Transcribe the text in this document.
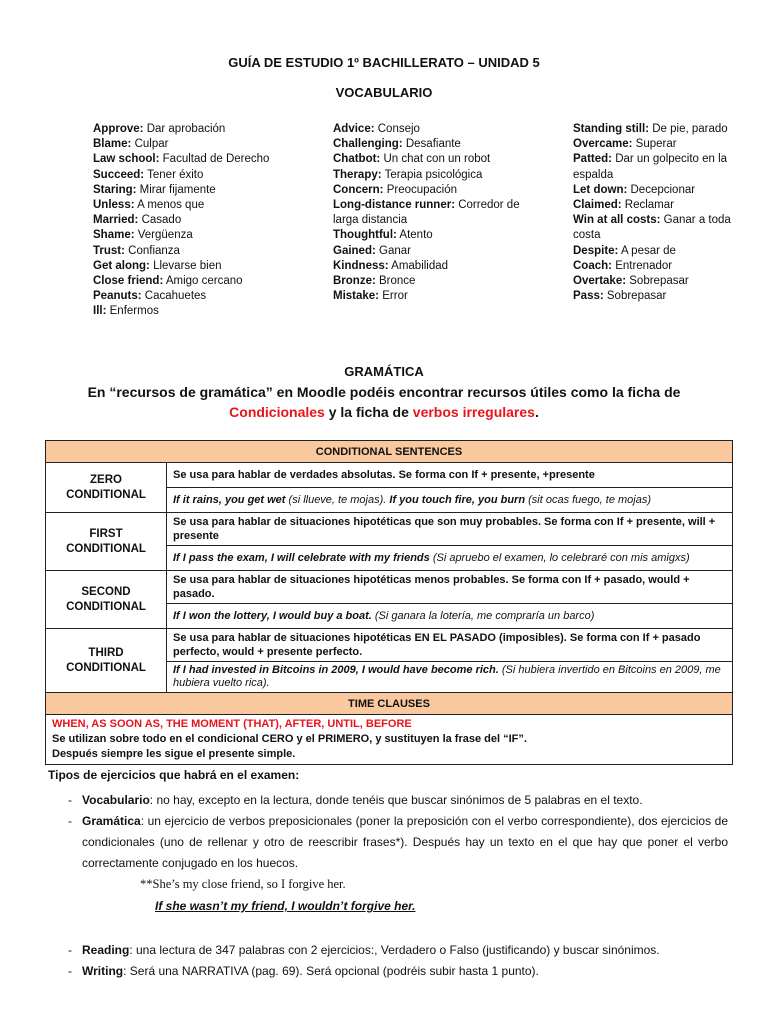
GUÍA DE ESTUDIO 1º BACHILLERATO – UNIDAD 5
VOCABULARIO
Approve: Dar aprobación
Blame: Culpar
Law school: Facultad de Derecho
Succeed: Tener éxito
Staring: Mirar fijamente
Unless: A menos que
Married: Casado
Shame: Vergüenza
Trust: Confianza
Get along: Llevarse bien
Close friend: Amigo cercano
Peanuts: Cacahuetes
Ill: Enfermos
Advice: Consejo
Challenging: Desafiante
Chatbot: Un chat con un robot
Therapy: Terapia psicológica
Concern: Preocupación
Long-distance runner: Corredor de larga distancia
Thoughtful: Atento
Gained: Ganar
Kindness: Amabilidad
Bronze: Bronce
Mistake: Error
Standing still: De pie, parado
Overcame: Superar
Patted: Dar un golpecito en la espalda
Let down: Decepcionar
Claimed: Reclamar
Win at all costs: Ganar a toda costa
Despite: A pesar de
Coach: Entrenador
Overtake: Sobrepasar
Pass: Sobrepasar
GRAMÁTICA
En “recursos de gramática” en Moodle podéis encontrar recursos útiles como la ficha de Condicionales y la ficha de verbos irregulares.
CONDITIONAL SENTENCES	
ZERO
CONDITIONAL	Se usa para hablar de verdades absolutas. Se forma con If + presente, +presente
	If it rains, you get wet (si llueve, te mojas). If you touch fire, you burn (sit ocas fuego, te mojas)
FIRST
CONDITIONAL	Se usa para hablar de situaciones hipotéticas que son muy probables. Se forma con If + presente, will + presente
	If I pass the exam, I will celebrate with my friends (Si apruebo el examen, lo celebraré con mis amigxs)
SECOND
CONDITIONAL	Se usa para hablar de situaciones hipotéticas menos probables. Se forma con If + pasado, would + pasado.
	If I won the lottery, I would buy a boat. (Si ganara la lotería, me compraría un barco)
THIRD
CONDITIONAL	Se usa para hablar de situaciones hipotéticas EN EL PASADO (imposibles). Se forma con If + pasado perfecto, would + presente perfecto.
	If I had invested in Bitcoins in 2009, I would have become rich. (Si hubiera invertido en Bitcoins en 2009, me hubiera vuelto rica).
TIME CLAUSES	

WHEN, AS SOON AS, THE MOMENT (THAT), AFTER, UNTIL, BEFORE
Se utilizan sobre todo en el condicional CERO y el PRIMERO, y sustituyen la frase del “IF”.
Después siempre les sigue el presente simple.	
Tipos de ejercicios que habrá en el examen:
- Vocabulario: no hay, excepto en la lectura, donde tenéis que buscar sinónimos de 5 palabras en el texto.
- Gramática: un ejercicio de verbos preposicionales (poner la preposición con el verbo correspondiente), dos ejercicios de condicionales (uno de rellenar y otro de reescribir frases*). Después hay un texto en el que hay que poner el verbo correctamente conjugado en los huecos.
**She’s my close friend, so I forgive her.
If she wasn’t my friend, I wouldn’t forgive her.
- Reading: una lectura de 347 palabras con 2 ejercicios:, Verdadero o Falso (justificando) y buscar sinónimos.
- Writing: Será una NARRATIVA (pag. 69). Será opcional (podréis subir hasta 1 punto).
